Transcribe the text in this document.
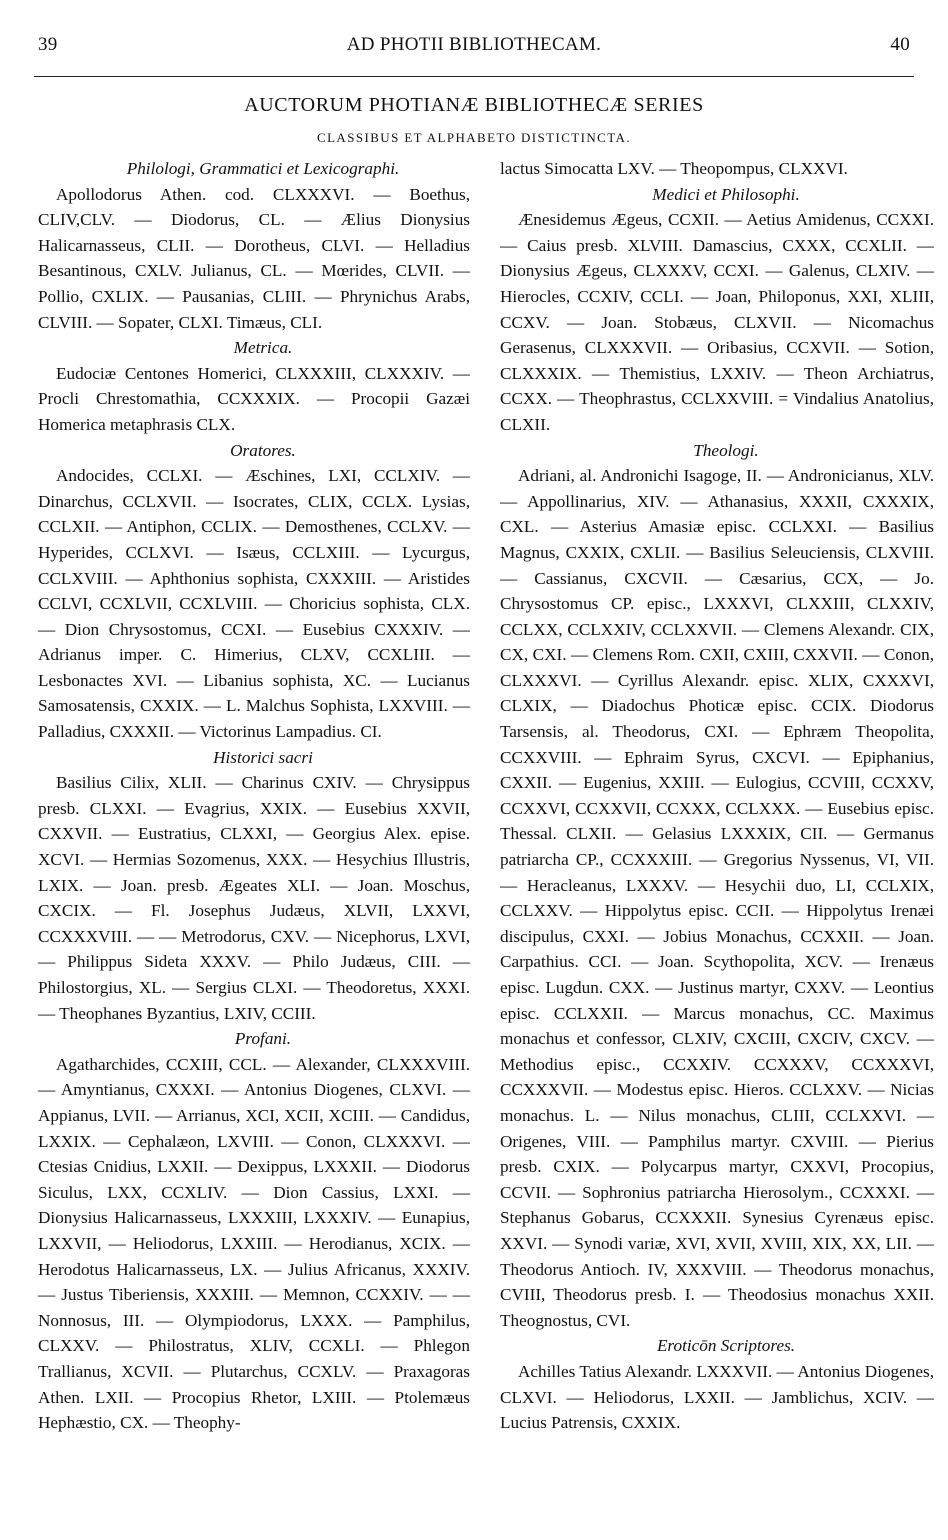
39	AD PHOTII BIBLIOTHECAM.	40
AUCTORUM PHOTIANÆ BIBLIOTHECÆ SERIES
CLASSIBUS ET ALPHABETO DISTICTINCTA.

Philologi, Grammatici et Lexicographi.

Apollodorus Athen. cod. CLXXXVI. — Boethus, CLIV,CLV. — Diodorus, CL. — Ælius Dionysius Halicarnasseus, CLII. — Dorotheus, CLVI. — Helladius Besantinous, CXLV. Julianus, CL. — Mœrides, CLVII. — Pollio, CXLIX. — Pausanias, CLIII. — Phrynichus Arabs, CLVIII. — Sopater, CLXI. Timæus, CLI.

Metrica.

Eudociæ Centones Homerici, CLXXXIII, CLXXXIV. — Procli Chrestomathia, CCXXXIX. — Procopii Gazæi Homerica metaphrasis CLX.

Oratores.

Andocides, CCLXI. — Æschines, LXI, CCLXIV. — Dinarchus, CCLXVII. — Isocrates, CLIX, CCLX. Lysias, CCLXII. — Antiphon, CCLIX. — Demosthenes, CCLXV. — Hyperides, CCLXVI. — Isæus, CCLXIII. — Lycurgus, CCLXVIII. — Aphthonius sophista, CXXXIII. — Aristides CCLVI, CCXLVII, CCXLVIII. — Choricius sophista, CLX. — Dion Chrysostomus, CCXI. — Eusebius CXXXIV. — Adrianus imper. C. Himerius, CLXV, CCXLIII. — Lesbonactes XVI. — Libanius sophista, XC. — Lucianus Samosatensis, CXXIX. — L. Malchus Sophista, LXXVIII. — Palladius, CXXXII. — Victorinus Lampadius. CI.

Historici sacri

Basilius Cilix, XLII. — Charinus CXIV. — Chrysippus presb. CLXXI. — Evagrius, XXIX. — Eusebius XXVII, CXXVII. — Eustratius, CLXXI, — Georgius Alex. epise. XCVI. — Hermias Sozomenus, XXX. — Hesychius Illustris, LXIX. — Joan. presb. Ægeates XLI. — Joan. Moschus, CXCIX. — Fl. Josephus Judæus, XLVII, LXXVI, CCXXXVIII. — — Metrodorus, CXV. — Nicephorus, LXVI, — Philippus Sideta XXXV. — Philo Judæus, CIII. — Philostorgius, XL. — Sergius CLXI. — Theodoretus, XXXI. — Theophanes Byzantius, LXIV, CCIII.

Profani.

Agatharchides, CCXIII, CCL. — Alexander, CLXXXVIII. — Amyntianus, CXXXI. — Antonius Diogenes, CLXVI. — Appianus, LVII. — Arrianus, XCI, XCII, XCIII. — Candidus, LXXIX. — Cephalæon, LXVIII. — Conon, CLXXXVI. — Ctesias Cnidius, LXXII. — Dexippus, LXXXII. — Diodorus Siculus, LXX, CCXLIV. — Dion Cassius, LXXI. — Dionysius Halicarnasseus, LXXXIII, LXXXIV. — Eunapius, LXXVII, — Heliodorus, LXXIII. — Herodianus, XCIX. — Herodotus Halicarnasseus, LX. — Julius Africanus, XXXIV. — Justus Tiberiensis, XXXIII. — Memnon, CCXXIV. — — Nonnosus, III. — Olympiodorus, LXXX. — Pamphilus, CLXXV. — Philostratus, XLIV, CCXLI. — Phlegon Trallianus, XCVII. — Plutarchus, CCXLV. — Praxagoras Athen. LXII. — Procopius Rhetor, LXIII. — Ptolemæus Hephæstio, CX. — Theophy-

lactus Simocatta LXV. — Theopompus, CLXXVI.

Medici et Philosophi.

Ænesidemus Ægeus, CCXII. — Aetius Amidenus, CCXXI. — Caius presb. XLVIII. Damascius, CXXX, CCXLII. — Dionysius Ægeus, CLXXXV, CCXI. — Galenus, CLXIV. — Hierocles, CCXIV, CCLI. — Joan, Philoponus, XXI, XLIII, CCXV. — Joan. Stobæus, CLXVII. — Nicomachus Gerasenus, CLXXXVII. — Oribasius, CCXVII. — Sotion, CLXXXIX. — Themistius, LXXIV. — Theon Archiatrus, CCXX. — Theophrastus, CCLXXVIII. = Vindalius Anatolius, CLXII.

Theologi.

Adriani, al. Andronichi Isagoge, II. — Andronicianus, XLV. — Appollinarius, XIV. — Athanasius, XXXII, CXXXIX, CXL. — Asterius Amasiæ episc. CCLXXI. — Basilius Magnus, CXXIX, CXLII. — Basilius Seleuciensis, CLXVIII. — Cassianus, CXCVII. — Cæsarius, CCX, — Jo. Chrysostomus CP. episc., LXXXVI, CLXXIII, CLXXIV, CCLXX, CCLXXIV, CCLXXVII. — Clemens Alexandr. CIX, CX, CXI. — Clemens Rom. CXII, CXIII, CXXVII. — Conon, CLXXXVI. — Cyrillus Alexandr. episc. XLIX, CXXXVI, CLXIX, — Diadochus Photicæ episc. CCIX. Diodorus Tarsensis, al. Theodorus, CXI. — Ephræm Theopolita, CCXXVIII. — Ephraim Syrus, CXCVI. — Epiphanius, CXXII. — Eugenius, XXIII. — Eulogius, CCVIII, CCXXV, CCXXVI, CCXXVII, CCXXX, CCLXXX. — Eusebius episc. Thessal. CLXII. — Gelasius LXXXIX, CII. — Germanus patriarcha CP., CCXXXIII. — Gregorius Nyssenus, VI, VII. — Heracleanus, LXXXV. — Hesychii duo, LI, CCLXIX, CCLXXV. — Hippolytus episc. CCII. — Hippolytus Irenæi discipulus, CXXI. — Jobius Monachus, CCXXII. — Joan. Carpathius. CCI. — Joan. Scythopolita, XCV. — Irenæus episc. Lugdun. CXX. — Justinus martyr, CXXV. — Leontius episc. CCLXXII. — Marcus monachus, CC. Maximus monachus et confessor, CLXIV, CXCIII, CXCIV, CXCV. — Methodius episc., CCXXIV. CCXXXV, CCXXXVI, CCXXXVII. — Modestus episc. Hieros. CCLXXV. — Nicias monachus. L. — Nilus monachus, CLIII, CCLXXVI. — Origenes, VIII. — Pamphilus martyr. CXVIII. — Pierius presb. CXIX. — Polycarpus martyr, CXXVI, Procopius, CCVII. — Sophronius patriarcha Hierosolym., CCXXXI. — Stephanus Gobarus, CCXXXII. Synesius Cyrenæus episc. XXVI. — Synodi variæ, XVI, XVII, XVIII, XIX, XX, LII. — Theodorus Antioch. IV, XXXVIII. — Theodorus monachus, CVIII, Theodorus presb. I. — Theodosius monachus XXII. Theognostus, CVI.

Eroticōn Scriptores.

Achilles Tatius Alexandr. LXXXVII. — Antonius Diogenes, CLXVI. — Heliodorus, LXXII. — Jamblichus, XCIV. — Lucius Patrensis, CXXIX.
